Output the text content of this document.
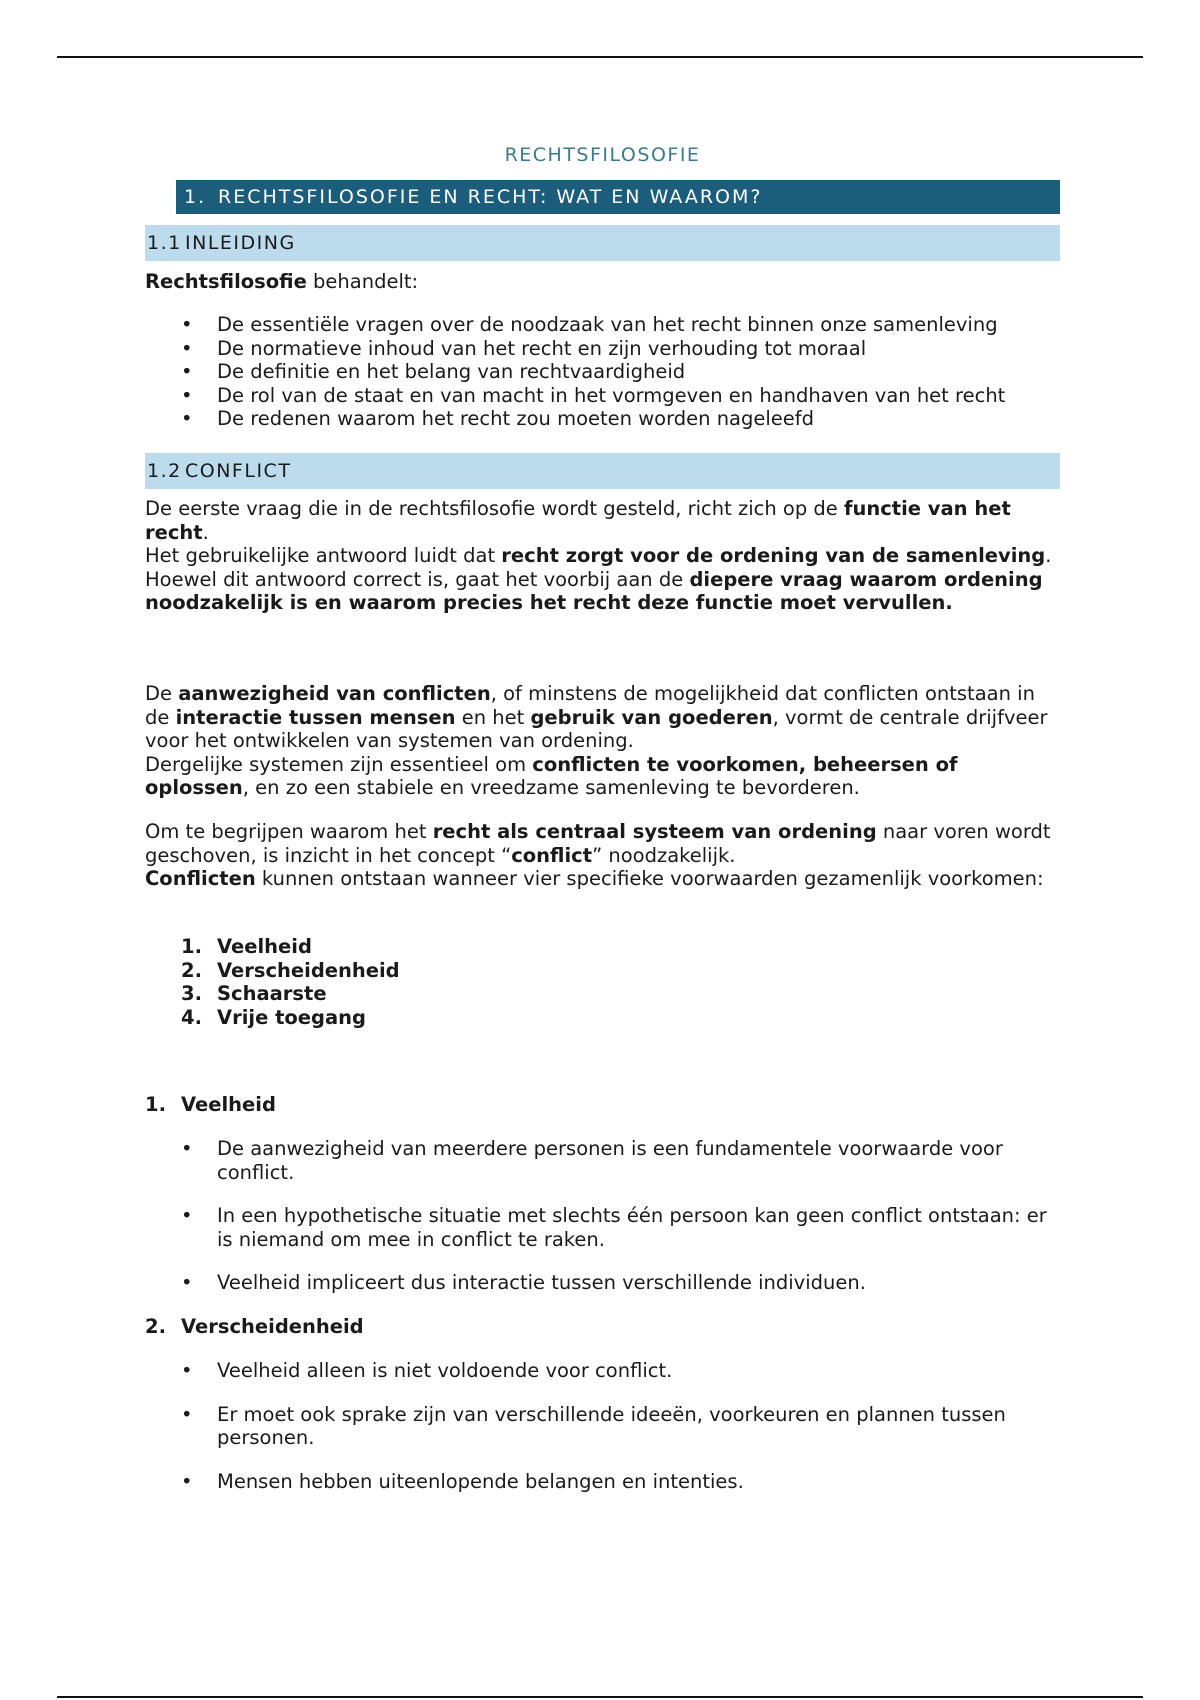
RECHTSFILOSOFIE
1. RECHTSFILOSOFIE EN RECHT: WAT EN WAAROM?
1.1 INLEIDING

Rechtsfilosofie behandelt:

• De essentiële vragen over de noodzaak van het recht binnen onze samenleving
• De normatieve inhoud van het recht en zijn verhouding tot moraal
• De definitie en het belang van rechtvaardigheid
• De rol van de staat en van macht in het vormgeven en handhaven van het recht
• De redenen waarom het recht zou moeten worden nageleefd
1.2 CONFLICT

De eerste vraag die in de rechtsfilosofie wordt gesteld, richt zich op de functie van het recht.

Het gebruikelijke antwoord luidt dat recht zorgt voor de ordening van de samenleving.

Hoewel dit antwoord correct is, gaat het voorbij aan de diepere vraag waarom ordening noodzakelijk is en waarom precies het recht deze functie moet vervullen.

De aanwezigheid van conflicten, of minstens de mogelijkheid dat conflicten ontstaan in de interactie tussen mensen en het gebruik van goederen, vormt de centrale drijfveer voor het ontwikkelen van systemen van ordening.

Dergelijke systemen zijn essentieel om conflicten te voorkomen, beheersen of oplossen, en zo een stabiele en vreedzame samenleving te bevorderen.

Om te begrijpen waarom het recht als centraal systeem van ordening naar voren wordt geschoven, is inzicht in het concept “conflict” noodzakelijk.

Conflicten kunnen ontstaan wanneer vier specifieke voorwaarden gezamenlijk voorkomen:

1. Veelheid
2. Verscheidenheid
3. Schaarste
4. Vrije toegang
1. Veelheid
• De aanwezigheid van meerdere personen is een fundamentele voorwaarde voor conflict.
• In een hypothetische situatie met slechts één persoon kan geen conflict ontstaan: er is niemand om mee in conflict te raken.
• Veelheid impliceert dus interactie tussen verschillende individuen.
2. Verscheidenheid
• Veelheid alleen is niet voldoende voor conflict.
• Er moet ook sprake zijn van verschillende ideeën, voorkeuren en plannen tussen personen.
• Mensen hebben uiteenlopende belangen en intenties.
